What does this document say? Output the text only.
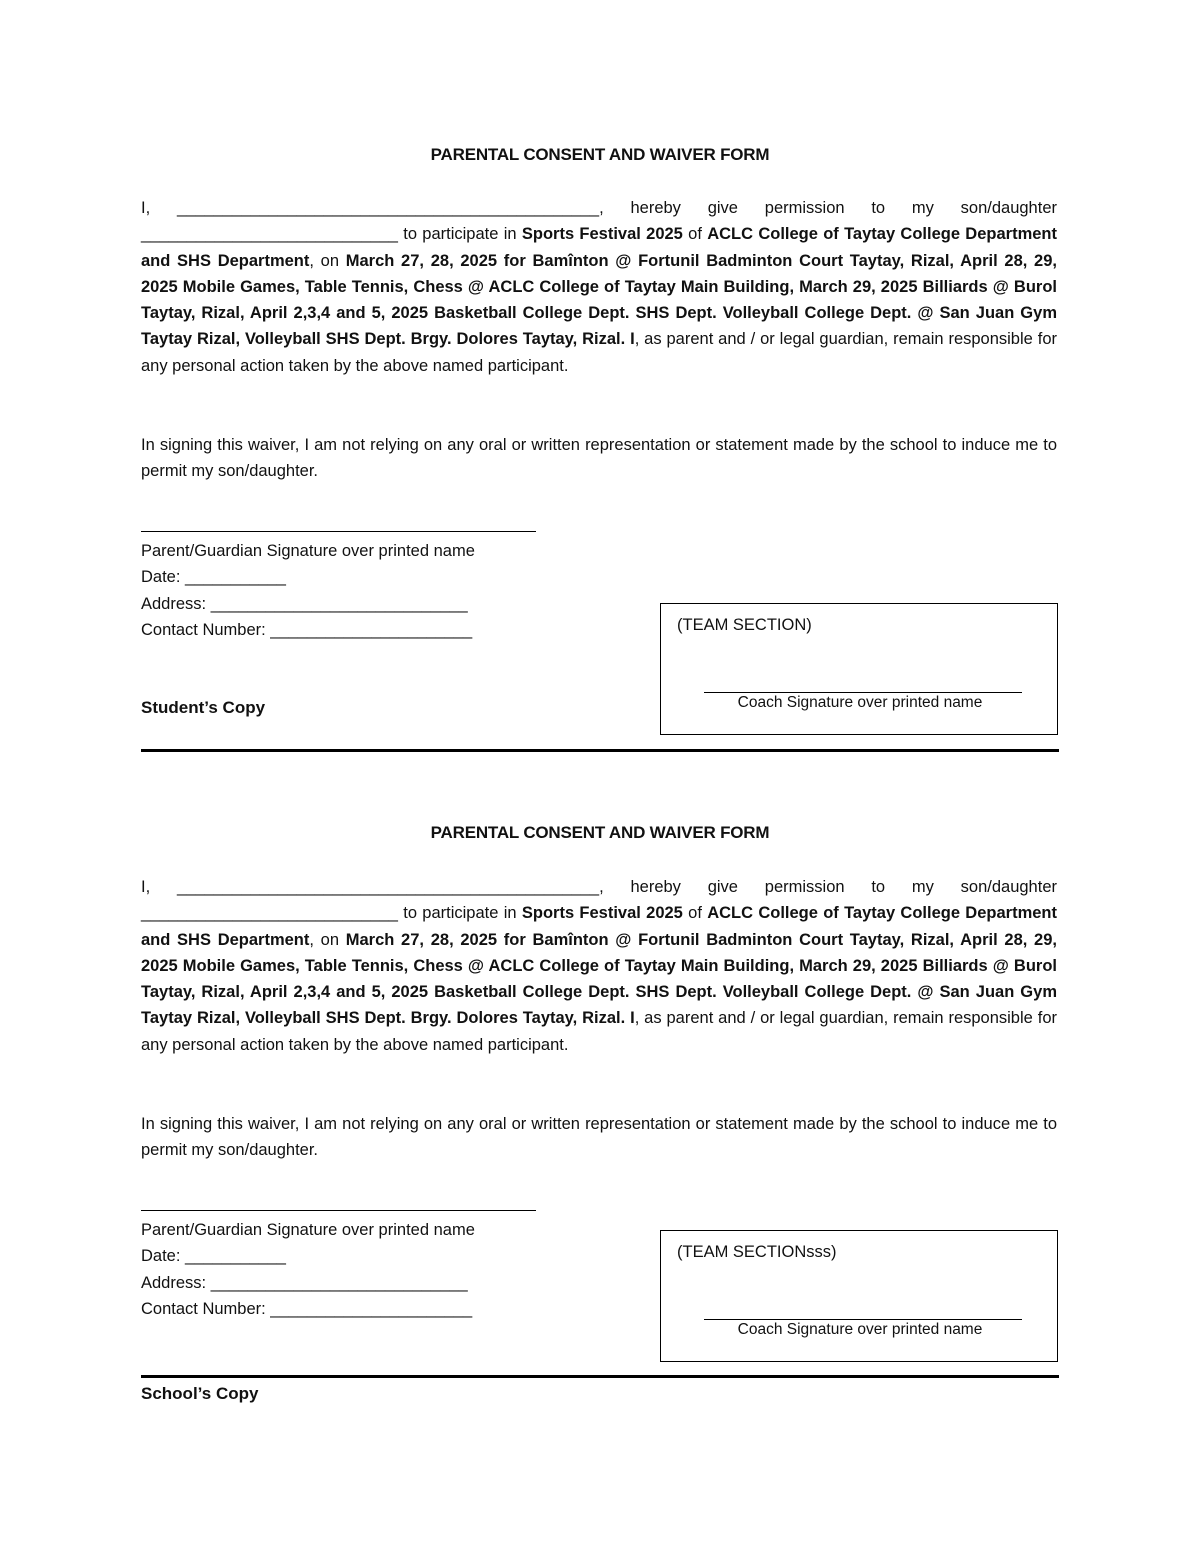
PARENTAL CONSENT AND WAIVER FORM

I, ______________________________________________, hereby give permission to my son/daughter ____________________________ to participate in Sports Festival 2025 of ACLC College of Taytay College Department and SHS Department, on March 27, 28, 2025 for Bamînton @ Fortunil Badminton Court Taytay, Rizal, April 28, 29, 2025 Mobile Games, Table Tennis, Chess @ ACLC College of Taytay Main Building, March 29, 2025 Billiards @ Burol Taytay, Rizal, April 2,3,4 and 5, 2025 Basketball College Dept. SHS Dept. Volleyball College Dept. @ San Juan Gym Taytay Rizal, Volleyball SHS Dept. Brgy. Dolores Taytay, Rizal. I, as parent and / or legal guardian, remain responsible for any personal action taken by the above named participant.

In signing this waiver, I am not relying on any oral or written representation or statement made by the school to induce me to permit my son/daughter.

Parent/Guardian Signature over printed name
Date: ___________
Address: ____________________________
Contact Number: ______________________	(TEAM SECTION)
Coach Signature over printed name
Student’s Copy
PARENTAL CONSENT AND WAIVER FORM

I, ______________________________________________, hereby give permission to my son/daughter ____________________________ to participate in Sports Festival 2025 of ACLC College of Taytay College Department and SHS Department, on March 27, 28, 2025 for Bamînton @ Fortunil Badminton Court Taytay, Rizal, April 28, 29, 2025 Mobile Games, Table Tennis, Chess @ ACLC College of Taytay Main Building, March 29, 2025 Billiards @ Burol Taytay, Rizal, April 2,3,4 and 5, 2025 Basketball College Dept. SHS Dept. Volleyball College Dept. @ San Juan Gym Taytay Rizal, Volleyball SHS Dept. Brgy. Dolores Taytay, Rizal. I, as parent and / or legal guardian, remain responsible for any personal action taken by the above named participant.

In signing this waiver, I am not relying on any oral or written representation or statement made by the school to induce me to permit my son/daughter.

Parent/Guardian Signature over printed name
Date: ___________
Address: ____________________________
Contact Number: ______________________
(TEAM SECTIONsss)
Coach Signature over printed name
School’s Copy
